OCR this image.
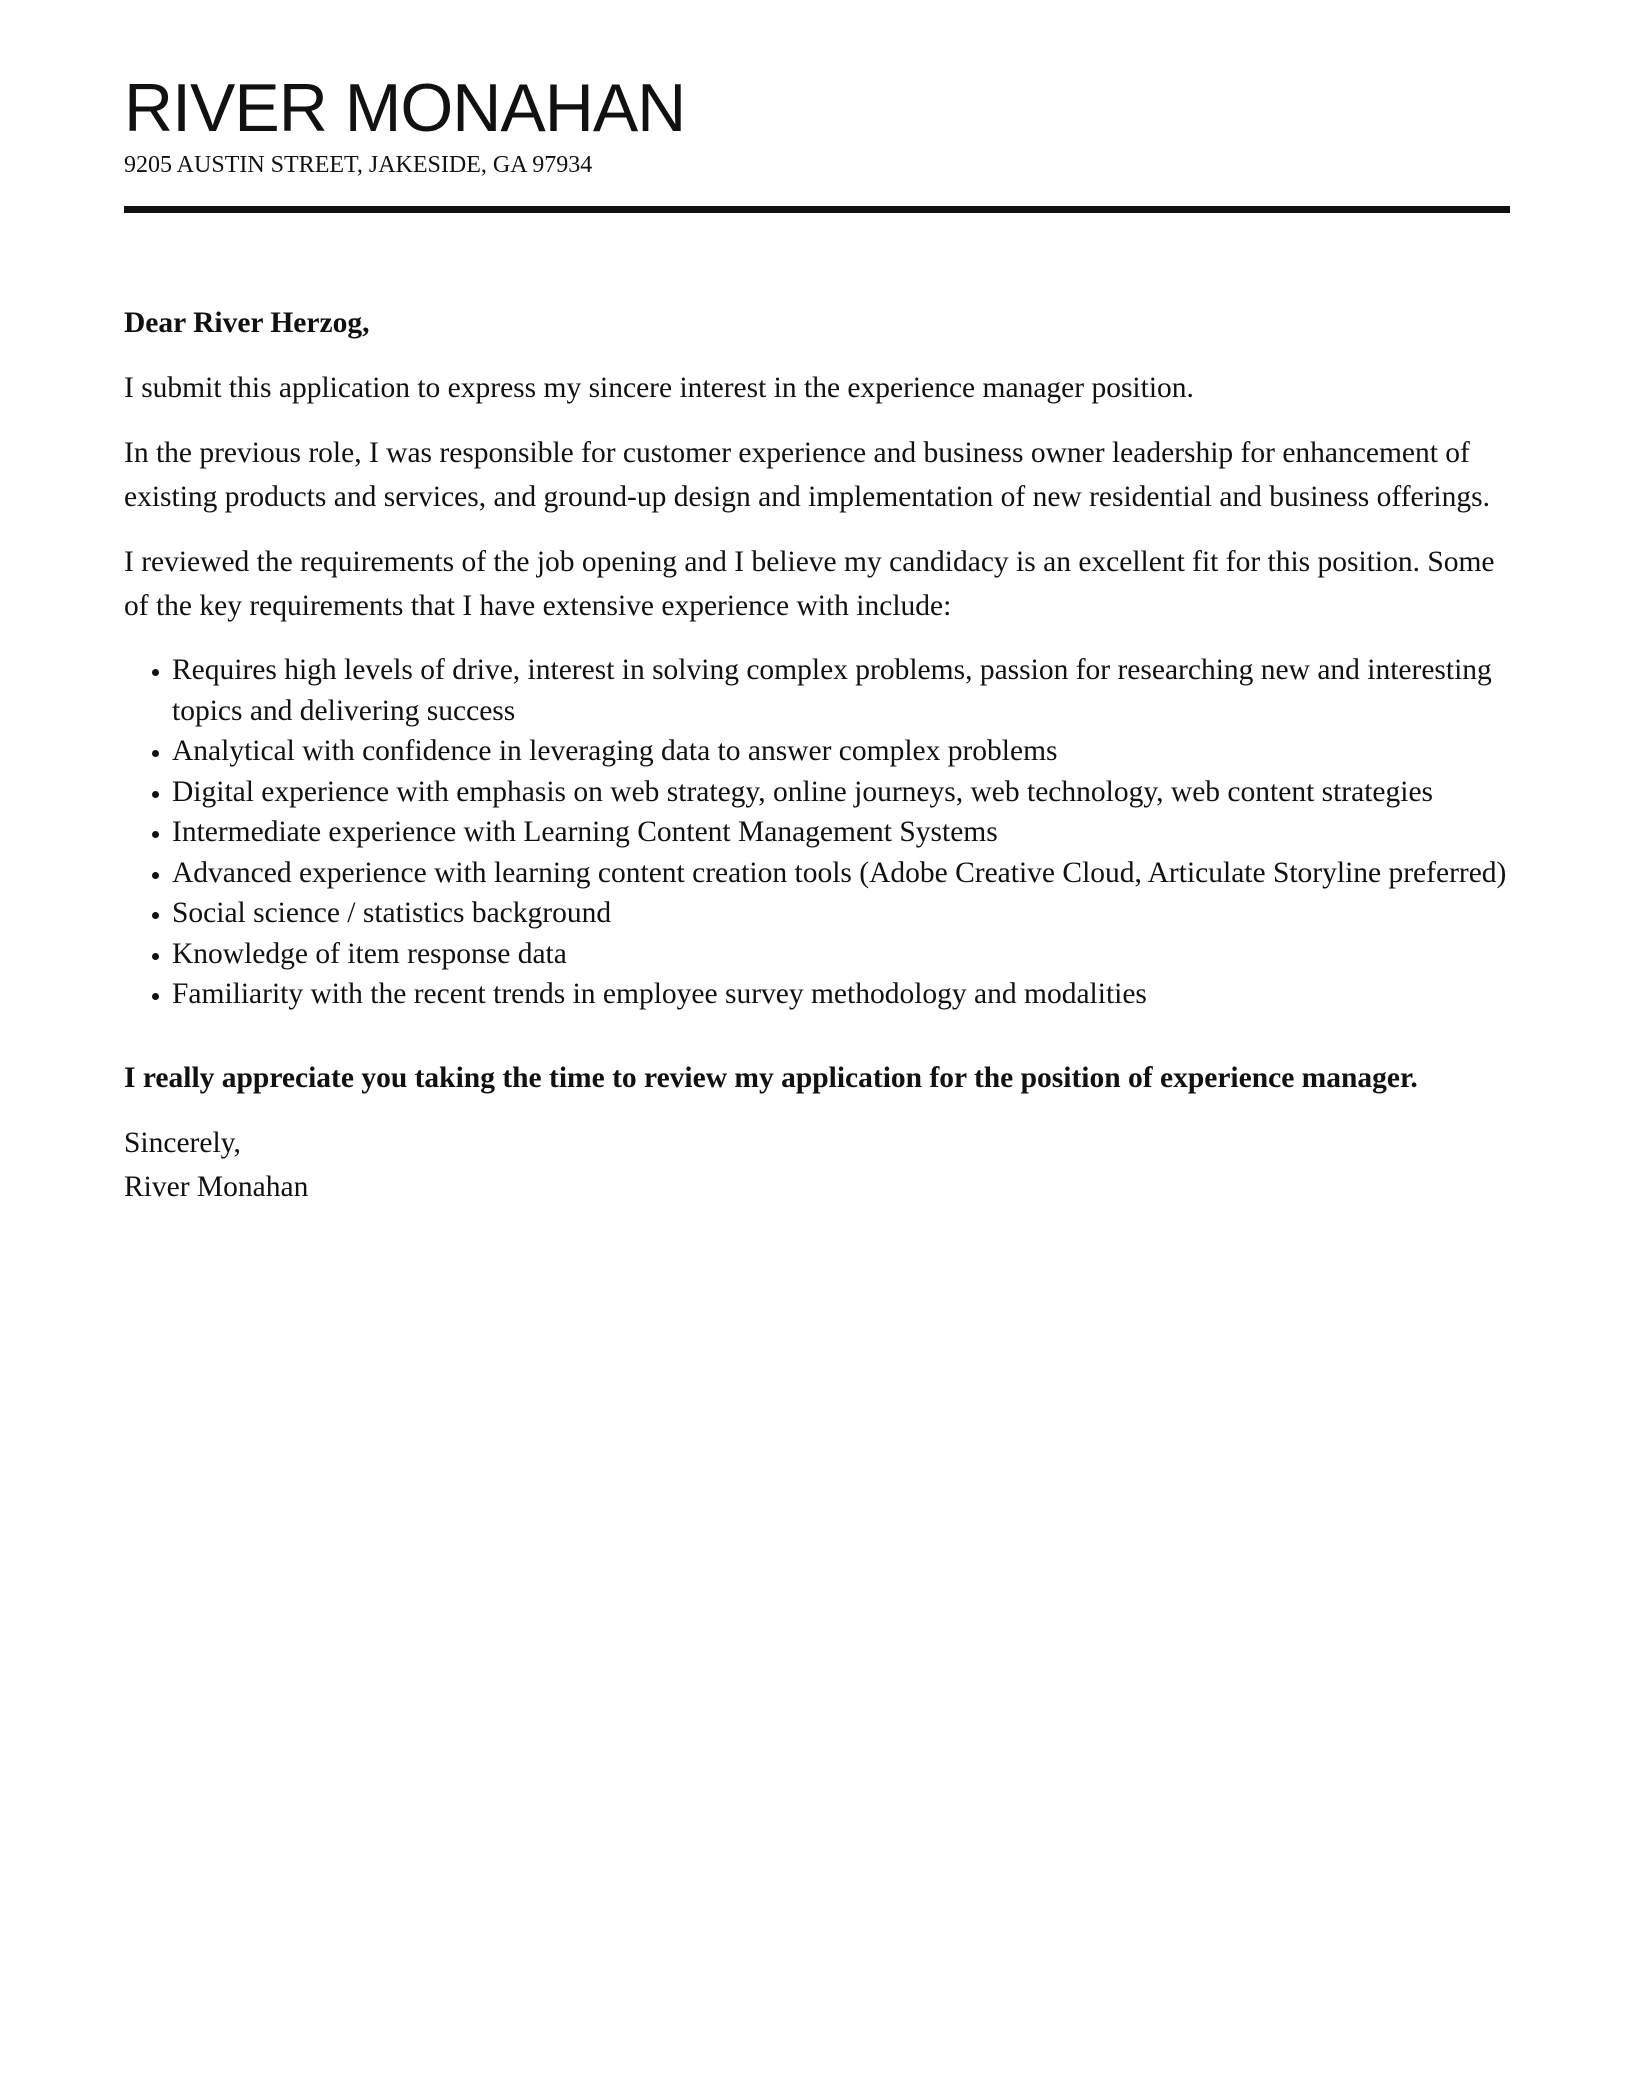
RIVER MONAHAN
9205 AUSTIN STREET, JAKESIDE, GA 97934

Dear River Herzog,

I submit this application to express my sincere interest in the experience manager position.

In the previous role, I was responsible for customer experience and business owner leadership for enhancement of existing products and services, and ground-up design and implementation of new residential and business offerings.

I reviewed the requirements of the job opening and I believe my candidacy is an excellent fit for this position. Some of the key requirements that I have extensive experience with include:

• Requires high levels of drive, interest in solving complex problems, passion for researching new and interesting topics and delivering success
• Analytical with confidence in leveraging data to answer complex problems
• Digital experience with emphasis on web strategy, online journeys, web technology, web content strategies
• Intermediate experience with Learning Content Management Systems
• Advanced experience with learning content creation tools (Adobe Creative Cloud, Articulate Storyline preferred)
• Social science / statistics background
• Knowledge of item response data
• Familiarity with the recent trends in employee survey methodology and modalities

I really appreciate you taking the time to review my application for the position of experience manager.

Sincerely,

River Monahan
